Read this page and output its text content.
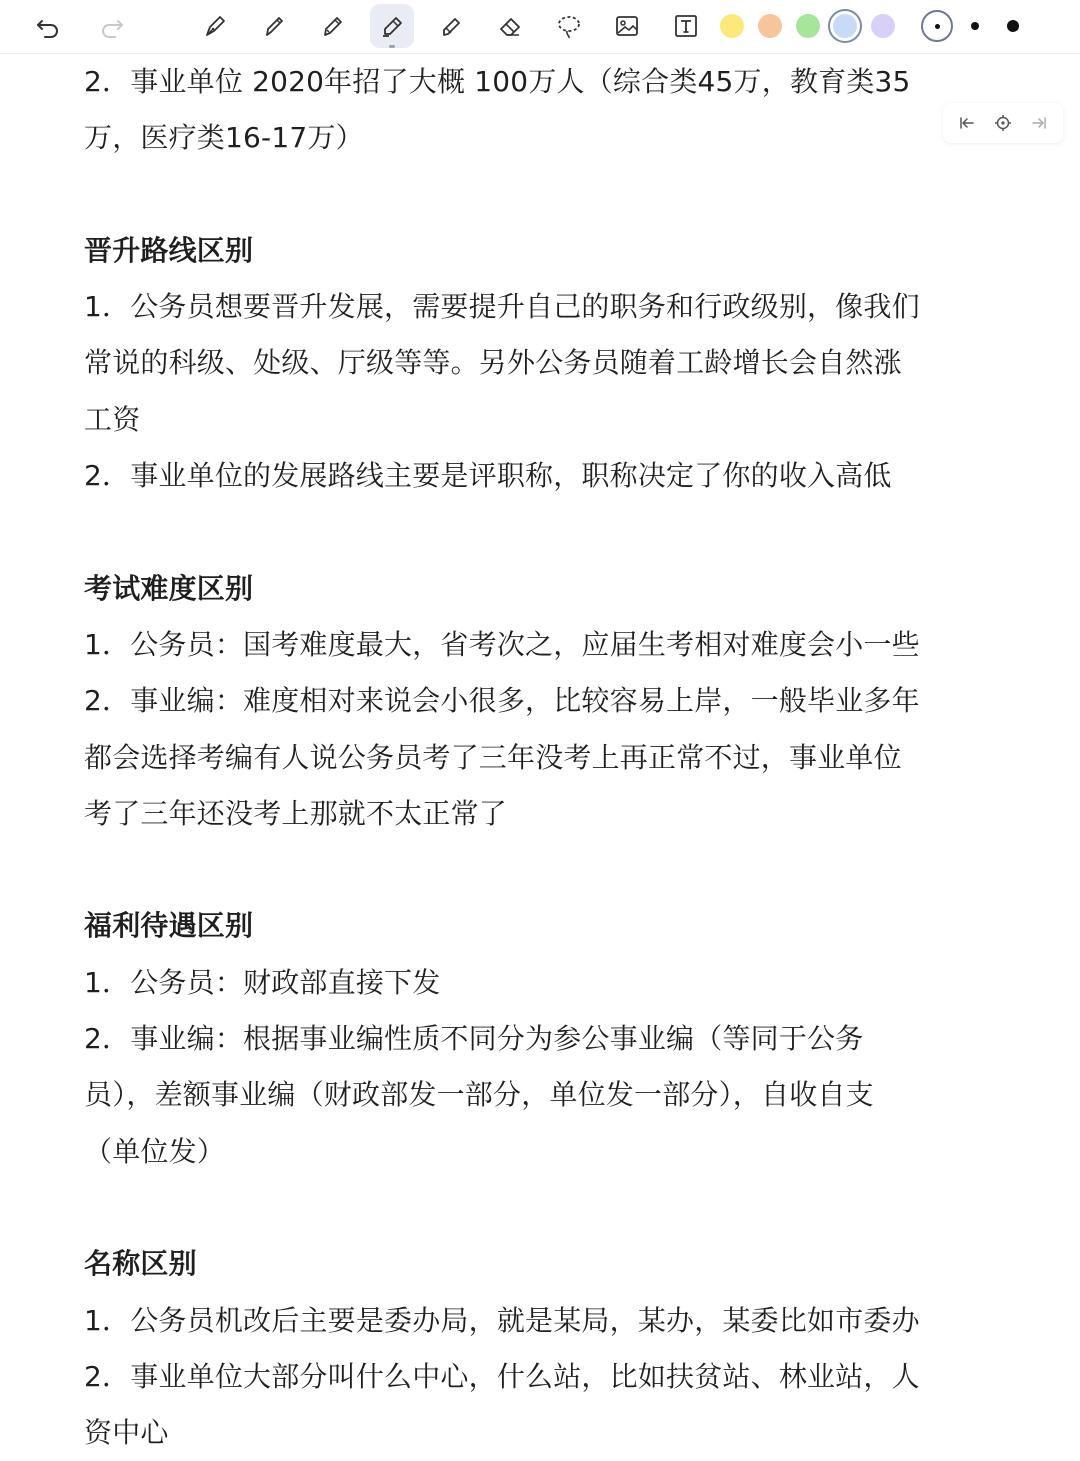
2．事业单位 2020年招了大概 100万人（综合类45万，教育类35
万，医疗类16-17万）
晋升路线区别
1．公务员想要晋升发展，需要提升自己的职务和行政级别，像我们
常说的科级、处级、厅级等等。另外公务员随着工龄增长会自然涨
工资
2．事业单位的发展路线主要是评职称，职称决定了你的收入高低
考试难度区别
1．公务员：国考难度最大，省考次之，应届生考相对难度会小一些
2．事业编：难度相对来说会小很多，比较容易上岸，一般毕业多年
都会选择考编有人说公务员考了三年没考上再正常不过，事业单位
考了三年还没考上那就不太正常了
福利待遇区别
1．公务员：财政部直接下发
2．事业编：根据事业编性质不同分为参公事业编（等同于公务
员），差额事业编（财政部发一部分，单位发一部分），自收自支
（单位发）
名称区别
1．公务员机改后主要是委办局，就是某局，某办，某委比如市委办
2．事业单位大部分叫什么中心，什么站，比如扶贫站、林业站，人
资中心
